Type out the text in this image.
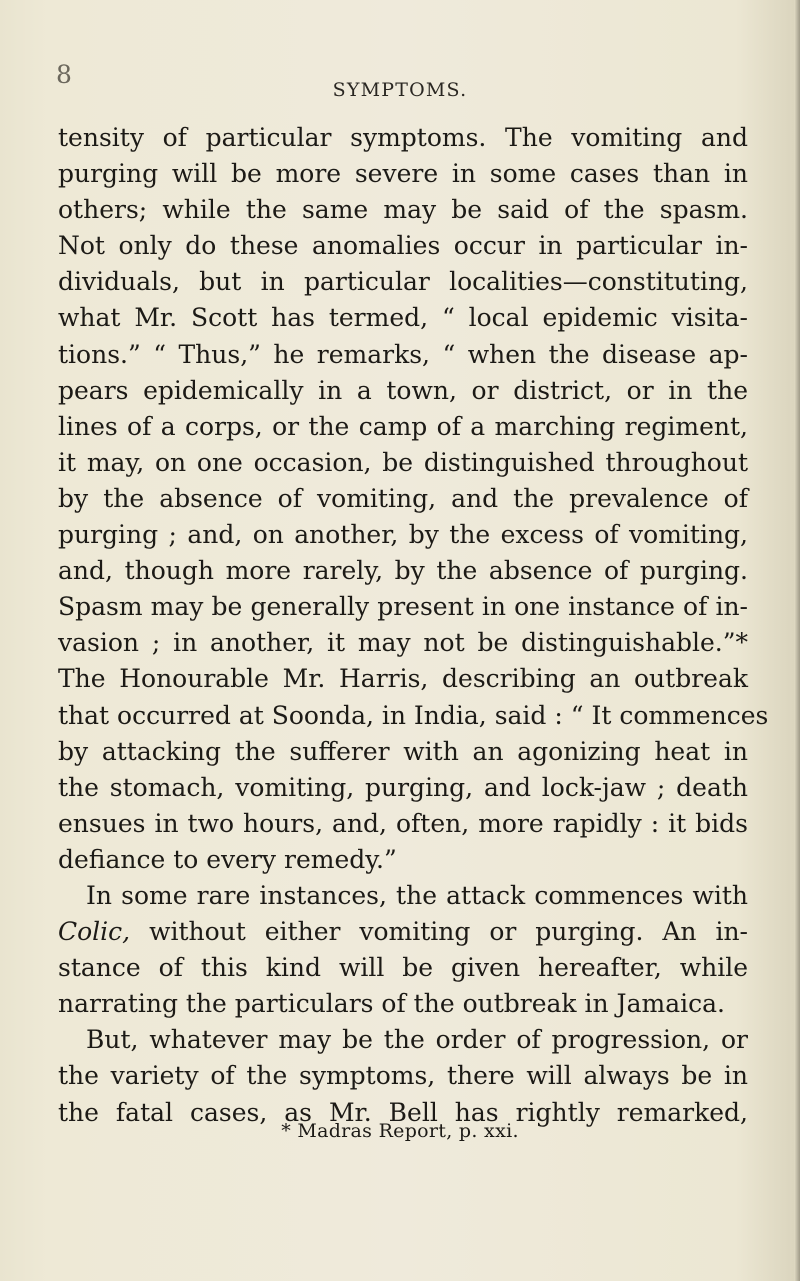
8
SYMPTOMS.
tensity of particular symptoms. The vomiting and
purging will be more severe in some cases than in
others; while the same may be said of the spasm.
Not only do these anomalies occur in particular in-
dividuals, but in particular localities—constituting,
what Mr. Scott has termed, “ local epidemic visita-
tions.” “ Thus,” he remarks, “ when the disease ap-
pears epidemically in a town, or district, or in the
lines of a corps, or the camp of a marching regiment,
it may, on one occasion, be distinguished throughout
by the absence of vomiting, and the prevalence of
purging ; and, on another, by the excess of vomiting,
and, though more rarely, by the absence of purging.
Spasm may be generally present in one instance of in-
vasion ; in another, it may not be distinguishable.”*
The Honourable Mr. Harris, describing an outbreak
that occurred at Soonda, in India, said : “ It commences
by attacking the sufferer with an agonizing heat in
the stomach, vomiting, purging, and lock-jaw ; death
ensues in two hours, and, often, more rapidly : it bids
defiance to every remedy.”
In some rare instances, the attack commences with
Colic, without either vomiting or purging. An in-
stance of this kind will be given hereafter, while
narrating the particulars of the outbreak in Jamaica.
But, whatever may be the order of progression, or
the variety of the symptoms, there will always be in
the fatal cases, as Mr. Bell has rightly remarked,
* Madras Report, p. xxi.
